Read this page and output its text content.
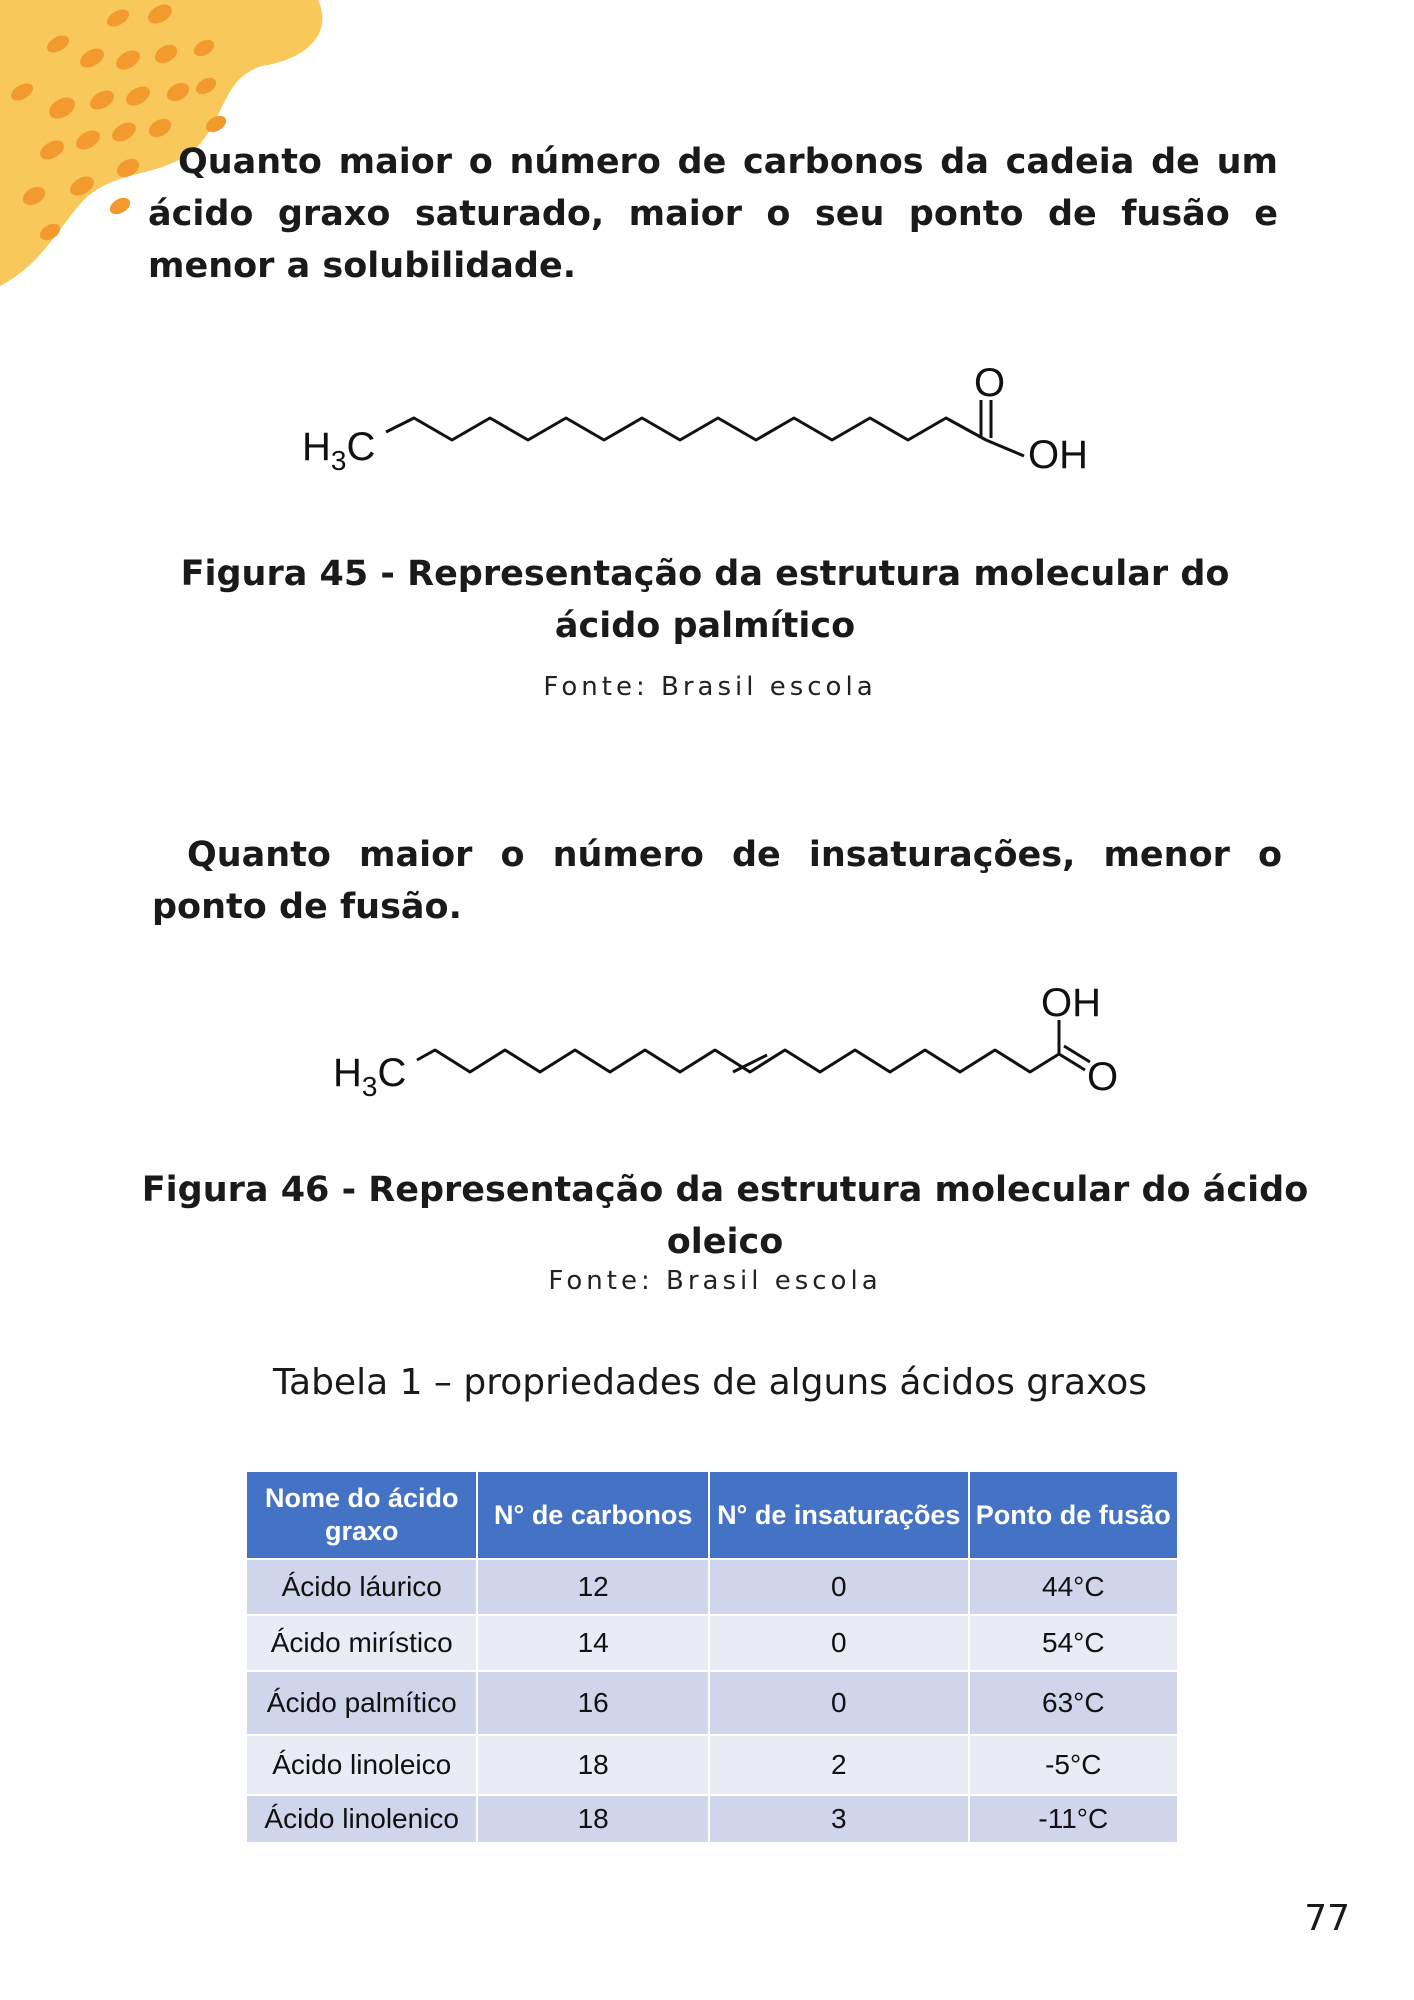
Quanto maior o número de carbonos da cadeia de um ácido graxo saturado, maior o seu ponto de fusão e menor a solubilidade.

$H_3C$
O
OH

Figura 45 - Representação da estrutura molecular do ácido palmítico

Fonte: Brasil escola

Quanto maior o número de insaturações, menor o ponto de fusão.

$H_3C$
OH
O

Figura 46 - Representação da estrutura molecular do ácido oleico

Fonte: Brasil escola

Tabela 1 – propriedades de alguns ácidos graxos

Nome do ácido graxo	N° de carbonos	N° de insaturações	Ponto de fusão
Ácido láurico	12	0	44°C
Ácido mirístico	14	0	54°C
Ácido palmítico	16	0	63°C
Ácido linoleico	18	2	-5°C
Ácido linolenico	18	3	-11°C

77
